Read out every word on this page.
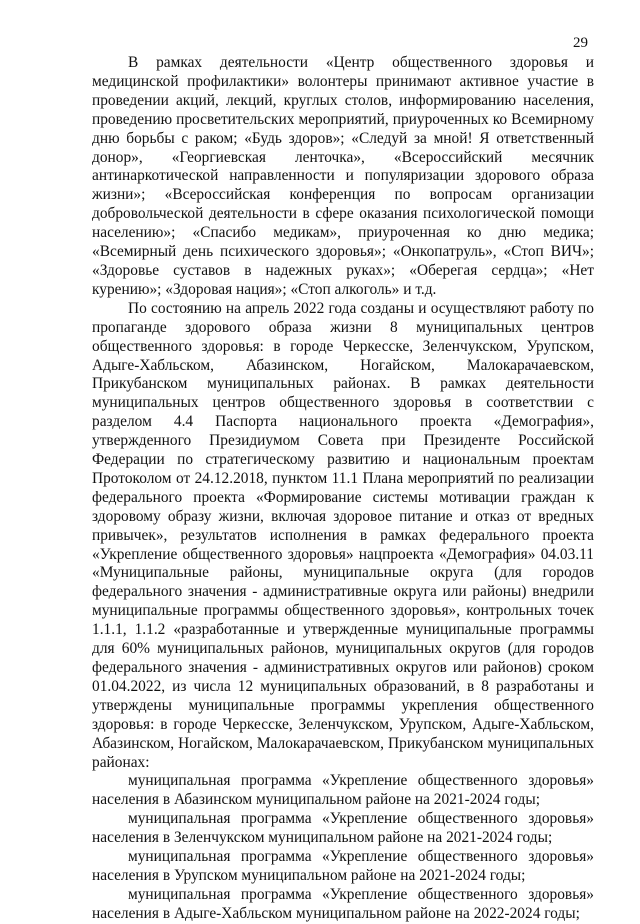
29

В рамках деятельности «Центр общественного здоровья и медицинской профилактики» волонтеры принимают активное участие в проведении акций, лекций, круглых столов, информированию населения, проведению просветительских мероприятий, приуроченных ко Всемирному дню борьбы с раком; «Будь здоров»; «Следуй за мной! Я ответственный донор», «Георгиевская ленточка», «Всероссийский месячник антинаркотической направленности и популяризации здорового образа жизни»; «Всероссийская конференция по вопросам организации добровольческой деятельности в сфере оказания психологической помощи населению»; «Спасибо медикам», приуроченная ко дню медика; «Всемирный день психического здоровья»; «Онкопатруль», «Стоп ВИЧ»; «Здоровье суставов в надежных руках»; «Оберегая сердца»; «Нет курению»; «Здоровая нация»; «Стоп алкоголь» и т.д.

По состоянию на апрель 2022 года созданы и осуществляют работу по пропаганде здорового образа жизни 8 муниципальных центров общественного здоровья: в городе Черкесске, Зеленчукском, Урупском, Адыге-Хабльском, Абазинском, Ногайском, Малокарачаевском, Прикубанском муниципальных районах. В рамках деятельности муниципальных центров общественного здоровья в соответствии с разделом 4.4 Паспорта национального проекта «Демография», утвержденного Президиумом Совета при Президенте Российской Федерации по стратегическому развитию и национальным проектам Протоколом от 24.12.2018, пунктом 11.1 Плана мероприятий по реализации федерального проекта «Формирование системы мотивации граждан к здоровому образу жизни, включая здоровое питание и отказ от вредных привычек», результатов исполнения в рамках федерального проекта «Укрепление общественного здоровья» нацпроекта «Демография» 04.03.11 «Муниципальные районы, муниципальные округа (для городов федерального значения - административные округа или районы) внедрили муниципальные программы общественного здоровья», контрольных точек 1.1.1, 1.1.2 «разработанные и утвержденные муниципальные программы для 60% муниципальных районов, муниципальных округов (для городов федерального значения - административных округов или районов) сроком 01.04.2022, из числа 12 муниципальных образований, в 8 разработаны и утверждены муниципальные программы укрепления общественного здоровья: в городе Черкесске, Зеленчукском, Урупском, Адыге-Хабльском, Абазинском, Ногайском, Малокарачаевском, Прикубанском муниципальных районах:

муниципальная программа «Укрепление общественного здоровья» населения в Абазинском муниципальном районе на 2021-2024 годы;

муниципальная программа «Укрепление общественного здоровья» населения в Зеленчукском муниципальном районе на 2021-2024 годы;

муниципальная программа «Укрепление общественного здоровья» населения в Урупском муниципальном районе на 2021-2024 годы;

муниципальная программа «Укрепление общественного здоровья» населения в Адыге-Хабльском муниципальном районе на 2022-2024 годы;
